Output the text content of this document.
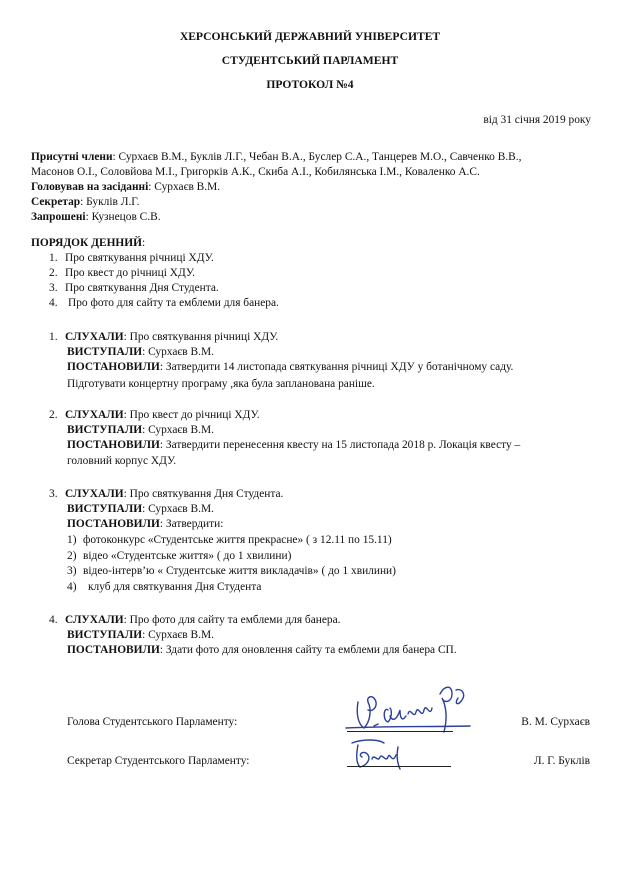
ХЕРСОНСЬКИЙ ДЕРЖАВНИЙ УНІВЕРСИТЕТ
СТУДЕНТСЬКИЙ ПАРЛАМЕНТ
ПРОТОКОЛ №4
від 31 січня 2019 року
Присутні члени: Сурхаєв В.М., Буклів Л.Г., Чебан В.А., Буслер С.А., Танцерев М.О., Савченко В.В.,
Масонов О.І., Соловйова М.І., Григорків А.К., Скиба А.І., Кобилянська І.М., Коваленко А.С.
Головував на засіданні: Сурхаєв В.М.
Секретар: Буклів Л.Г.
Запрошені: Кузнецов С.В.
ПОРЯДОК ДЕННИЙ:
1. Про святкування річниці ХДУ.
2. Про квест до річниці ХДУ.
3. Про святкування Дня Студента.
4. Про фото для сайту та емблеми для банера.
1. СЛУХАЛИ: Про святкування річниці ХДУ.
ВИСТУПАЛИ: Сурхаєв В.М.
ПОСТАНОВИЛИ: Затвердити 14 листопада святкування річниці ХДУ у ботанічному саду.
Підготувати концертну програму ,яка була запланована раніше.
2. СЛУХАЛИ: Про квест до річниці ХДУ.
ВИСТУПАЛИ: Сурхаєв В.М.
ПОСТАНОВИЛИ: Затвердити перенесення квесту на 15 листопада 2018 р. Локація квесту –
головний корпус ХДУ.
3. СЛУХАЛИ: Про святкування Дня Студента.
ВИСТУПАЛИ: Сурхаєв В.М.
ПОСТАНОВИЛИ: Затвердити:
1) фотоконкурс «Студентське життя прекрасне» ( з 12.11 по 15.11)
2) відео «Студентське життя» ( до 1 хвилини)
3) відео-інтерв’ю « Студентське життя викладачів» ( до 1 хвилини)
4) клуб для святкування Дня Студента
4. СЛУХАЛИ: Про фото для сайту та емблеми для банера.
ВИСТУПАЛИ: Сурхаєв В.М.
ПОСТАНОВИЛИ: Здати фото для оновлення сайту та емблеми для банера СП.
Голова Студентського Парламенту:	В. М. Сурхаєв
Секретар Студентського Парламенту:	Л. Г. Буклів
